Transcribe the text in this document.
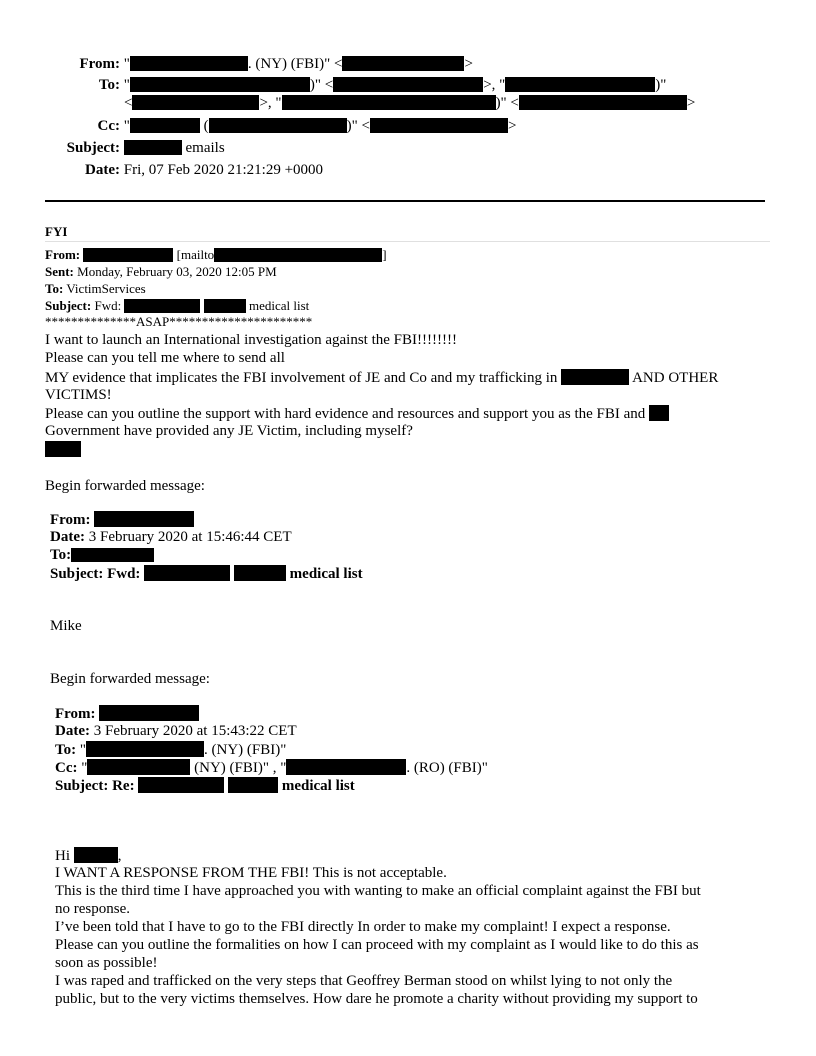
From: "	. (NY) (FBI)" <	>
To: "	)" <	>, "	)"
<	>, "	)" <	>
Cc: "	(	)" <	>
Subject:	emails
Date: Fri, 07 Feb 2020 21:21:29 +0000
FYI
From:	[mailto	]
Sent: Monday, February 03, 2020 12:05 PM
To: VictimServices
Subject: Fwd:	medical list
**************ASAP**********************
I want to launch an International investigation against the FBI!!!!!!!!
Please can you tell me where to send all
MY evidence that implicates the FBI involvement of JE and Co and my trafficking in	AND OTHER
VICTIMS!
Please can you outline the support with hard evidence and resources and support you as the FBI and
Government have provided any JE Victim, including myself?
Begin forwarded message:
From:
Date: 3 February 2020 at 15:46:44 CET
To:
Subject: Fwd:	medical list
Mike
Begin forwarded message:
From:
Date: 3 February 2020 at 15:43:22 CET
To: "	. (NY) (FBI)"
Cc: "	(NY) (FBI)" , "	. (RO) (FBI)"
Subject: Re:	medical list
Hi	,
I WANT A RESPONSE FROM THE FBI! This is not acceptable.
This is the third time I have approached you with wanting to make an official complaint against the FBI but
no response.
I’ve been told that I have to go to the FBI directly In order to make my complaint! I expect a response.
Please can you outline the formalities on how I can proceed with my complaint as I would like to do this as
soon as possible!
I was raped and trafficked on the very steps that Geoffrey Berman stood on whilst lying to not only the
public, but to the very victims themselves. How dare he promote a charity without providing my support to
